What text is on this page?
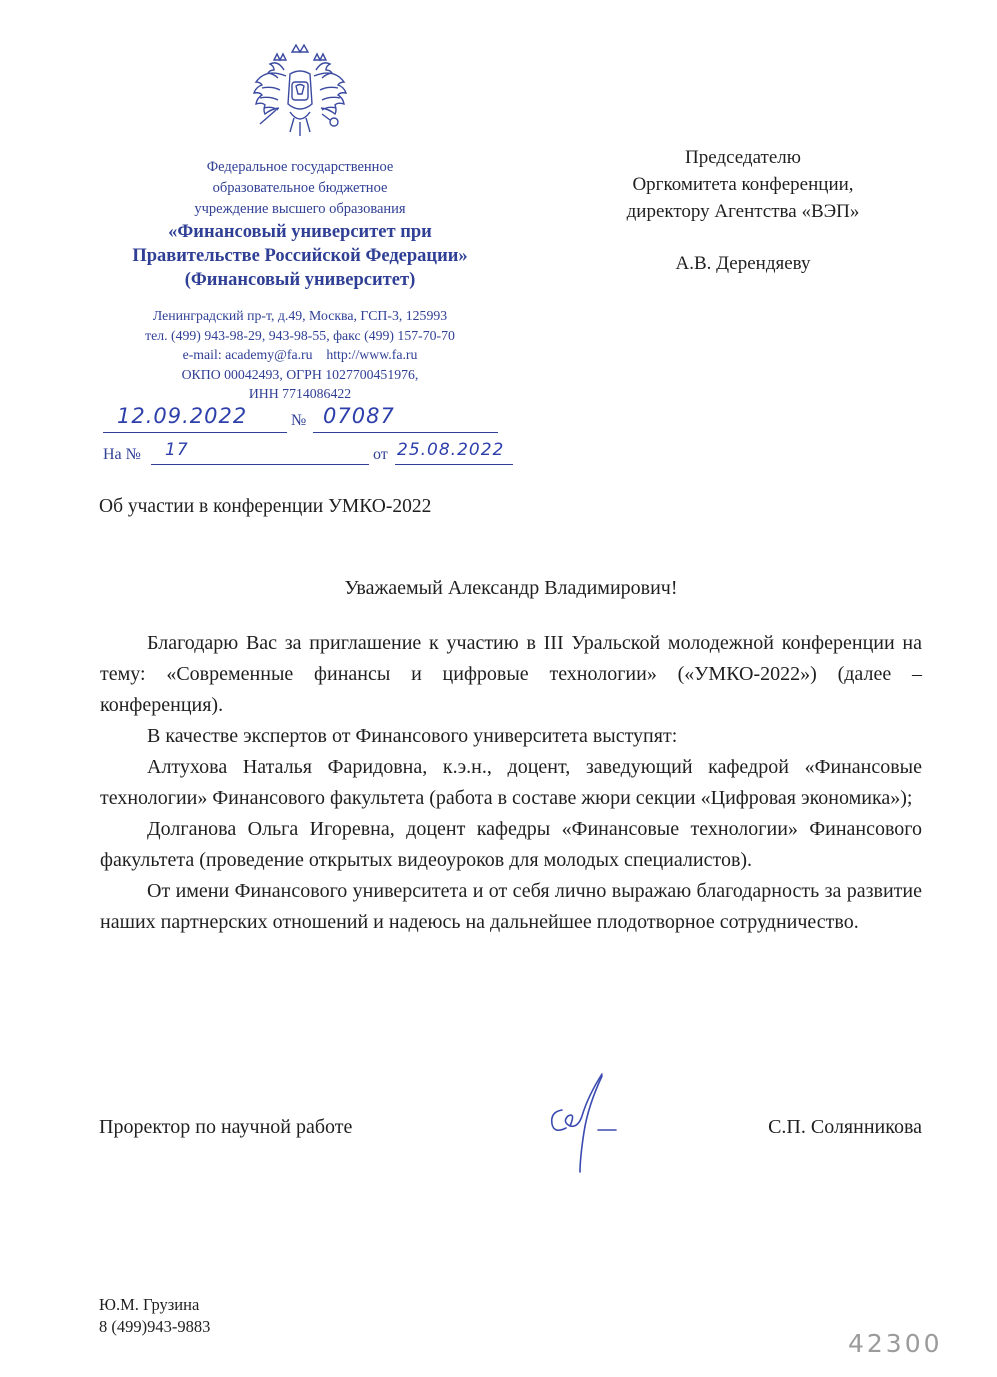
Федеральное государственное
образовательное бюджетное
учреждение высшего образования
«Финансовый университет при
Правительстве Российской Федерации»
(Финансовый университет)
Ленинградский пр-т, д.49, Москва, ГСП-3, 125993
тел. (499) 943-98-29, 943-98-55, факс (499) 157-70-70
e-mail: academy@fa.ru http://www.fa.ru
ОКПО 00042493, ОГРН 1027700451976,
ИНН 7714086422
12.09.2022	№ 07087
На № 17	от 25.08.2022
Председателю
Оргкомитета конференции,
директору Агентства «ВЭП»
А.В. Дерендяеву
Об участии в конференции УМКО-2022
Уважаемый Александр Владимирович!

Благодарю Вас за приглашение к участию в III Уральской молодежной конференции на тему: «Современные финансы и цифровые технологии» («УМКО-2022») (далее – конференция).

В качестве экспертов от Финансового университета выступят:

Алтухова Наталья Фаридовна, к.э.н., доцент, заведующий кафедрой «Финансовые технологии» Финансового факультета (работа в составе жюри секции «Цифровая экономика»);

Долганова Ольга Игоревна, доцент кафедры «Финансовые технологии» Финансового факультета (проведение открытых видеоуроков для молодых специалистов).

От имени Финансового университета и от себя лично выражаю благодарность за развитие наших партнерских отношений и надеюсь на дальнейшее плодотворное сотрудничество.

Проректор по научной работе	С.П. Солянникова
Ю.М. Грузина
8 (499)943-9883
42300
